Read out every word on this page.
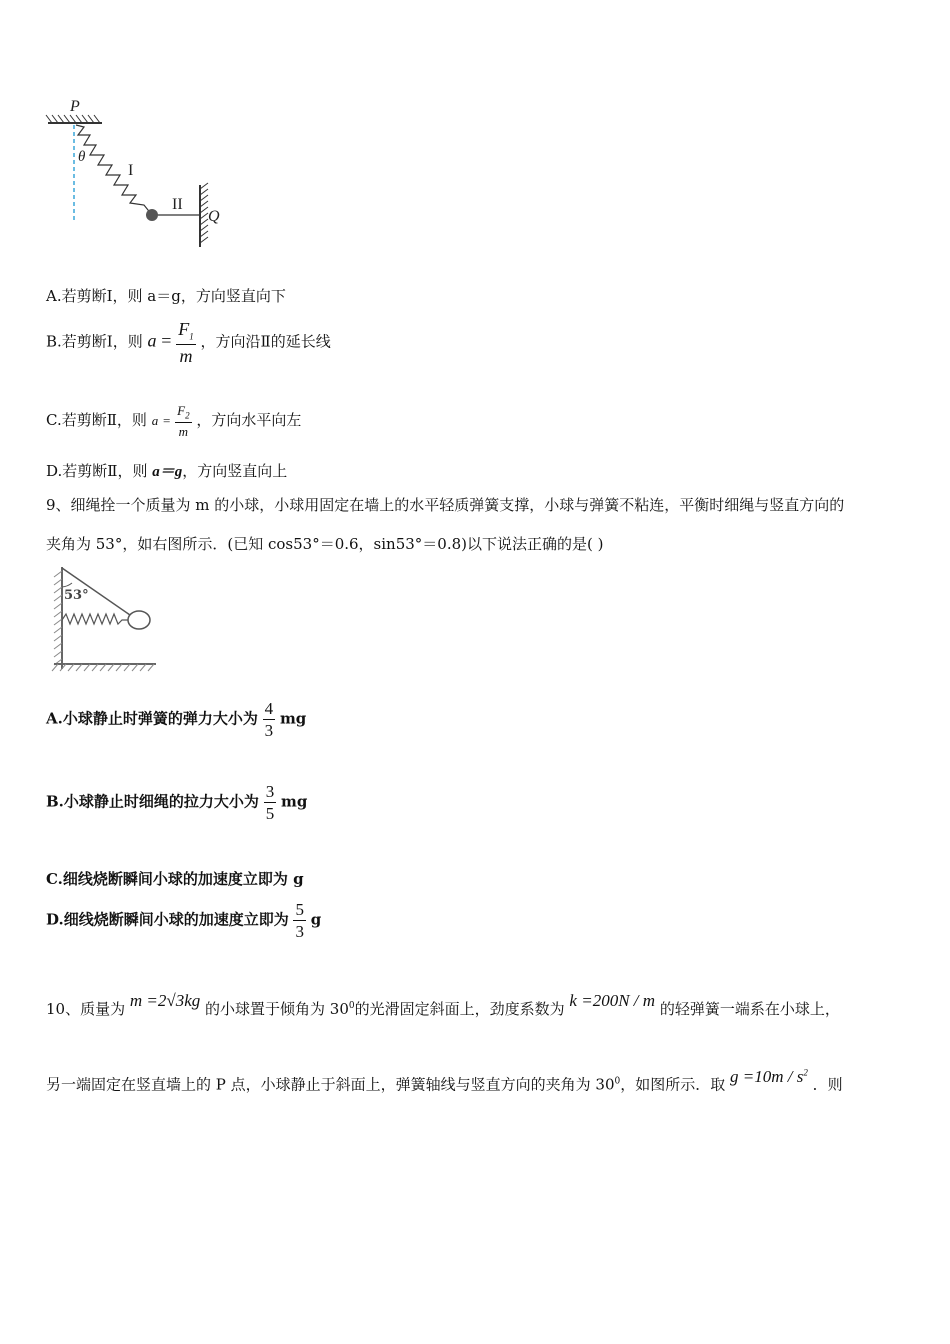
P
θ
I
II
Q
A.若剪断Ⅰ，则 a＝g，方向竖直向下
B.若剪断Ⅰ，则 $a = \frac{F_1}{m}$ ，方向沿Ⅱ的延长线
C.若剪断Ⅱ，则 $a = \frac{F_2}{m}$ ，方向水平向左
D.若剪断Ⅱ，则 a＝g，方向竖直向上
9、细绳拴一个质量为 m 的小球，小球用固定在墙上的水平轻质弹簧支撑，小球与弹簧不粘连，平衡时细绳与竖直方向的
夹角为 53°，如右图所示．(已知 cos53°＝0.6，sin53°＝0.8)以下说法正确的是( )
53°
A.小球静止时弹簧的弹力大小为 $\frac{4}{3}$ mg
B.小球静止时细绳的拉力大小为 $\frac{3}{5}$ mg
C.细线烧断瞬间小球的加速度立即为 g
D.细线烧断瞬间小球的加速度立即为 $\frac{5}{3}$ g
10、质量为 m =2√3kg 的小球置于倾角为 $30^0$的光滑固定斜面上，劲度系数为 k =200N / m 的轻弹簧一端系在小球上，
另一端固定在竖直墙上的 P 点，小球静止于斜面上，弹簧轴线与竖直方向的夹角为 $30^0$，如图所示．取 $g =10m / s^2$ ．则
